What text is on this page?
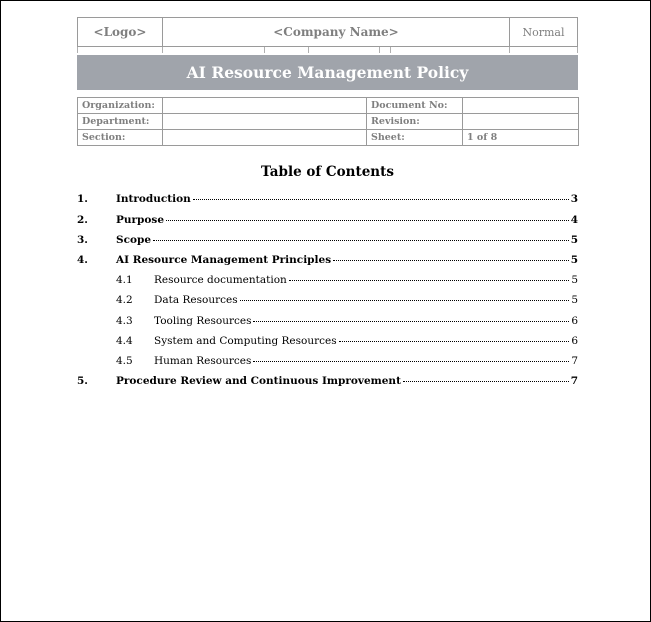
<Logo>	<Company Name>	Normal
AI Resource Management Policy
Organization:		Document No:	
Department:		Revision:	
Section:		Sheet:	1 of 8
Table of Contents
1.	Introduction	3
2.	Purpose	4
3.	Scope	5
4.	AI Resource Management Principles	5
4.1	Resource documentation	5
4.2	Data Resources	5
4.3	Tooling Resources	6
4.4	System and Computing Resources	6
4.5	Human Resources	7
5.	Procedure Review and Continuous Improvement	7
